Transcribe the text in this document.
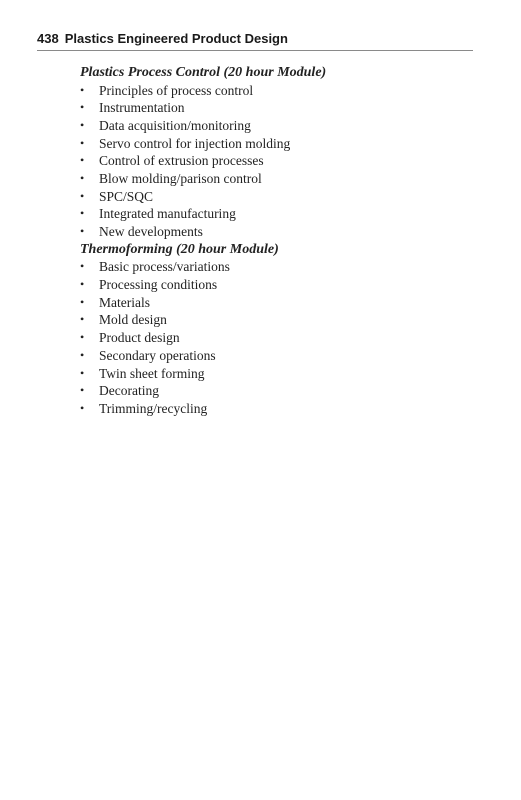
438 Plastics Engineered Product Design

Plastics Process Control (20 hour Module)

• Principles of process control
• Instrumentation
• Data acquisition/monitoring
• Servo control for injection molding
• Control of extrusion processes
• Blow molding/parison control
• SPC/SQC
• Integrated manufacturing
• New developments

Thermoforming (20 hour Module)

• Basic process/variations
• Processing conditions
• Materials
• Mold design
• Product design
• Secondary operations
• Twin sheet forming
• Decorating
• Trimming/recycling
